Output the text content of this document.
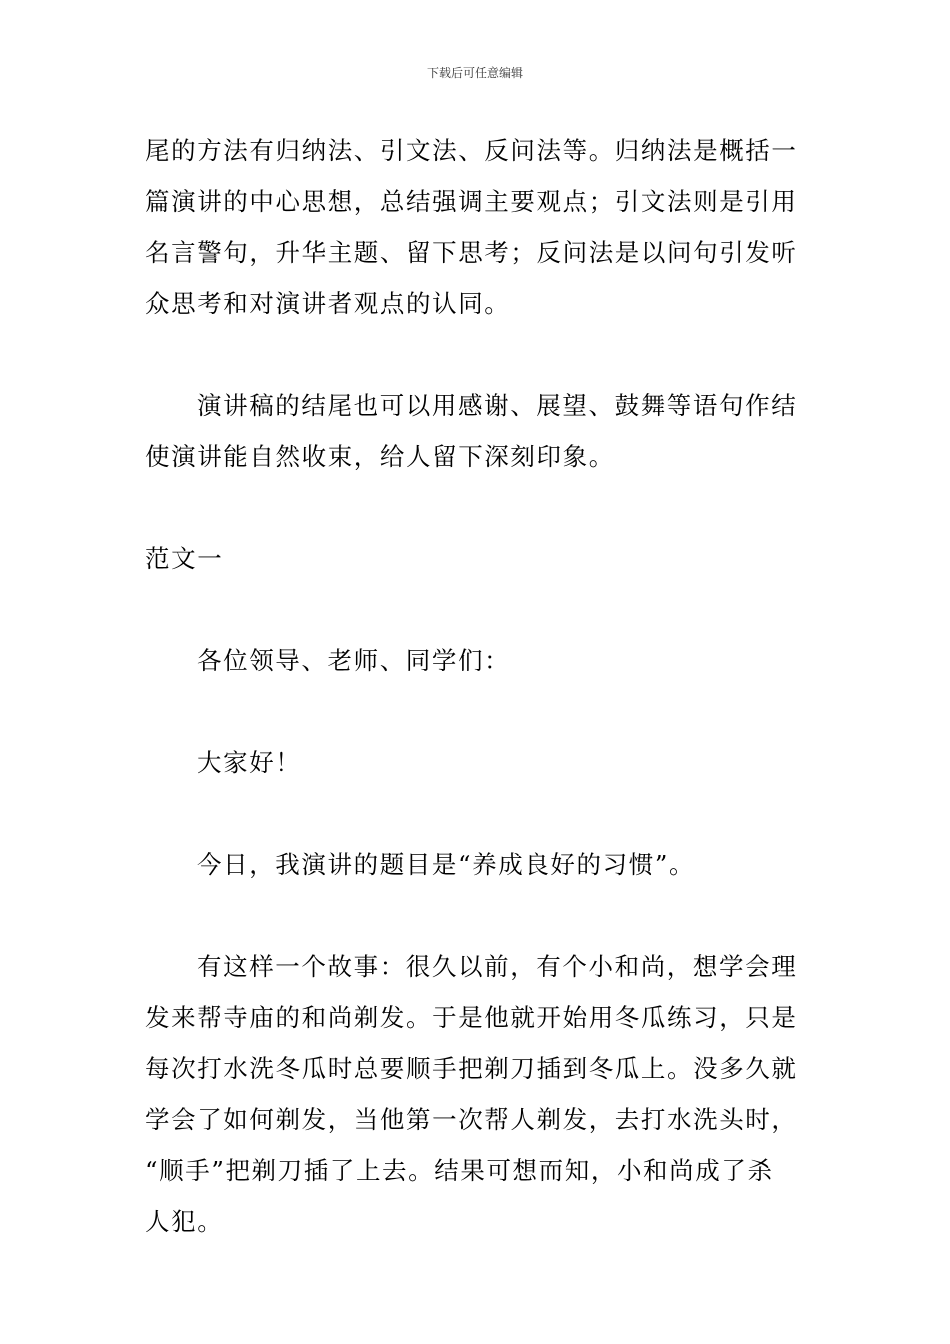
下载后可任意编辑

尾的方法有归纳法、引文法、反问法等。归纳法是概括一
篇演讲的中心思想，总结强调主要观点；引文法则是引用
名言警句，升华主题、留下思考；反问法是以问句引发听
众思考和对演讲者观点的认同。

演讲稿的结尾也可以用感谢、展望、鼓舞等语句作结
使演讲能自然收束，给人留下深刻印象。

范文一

各位领导、老师、同学们：

大家好！

今日，我演讲的题目是“养成良好的习惯”。

有这样一个故事：很久以前，有个小和尚，想学会理
发来帮寺庙的和尚剃发。于是他就开始用冬瓜练习，只是
每次打水洗冬瓜时总要顺手把剃刀插到冬瓜上。没多久就
学会了如何剃发，当他第一次帮人剃发，去打水洗头时，
“顺手”把剃刀插了上去。结果可想而知，小和尚成了杀
人犯。
